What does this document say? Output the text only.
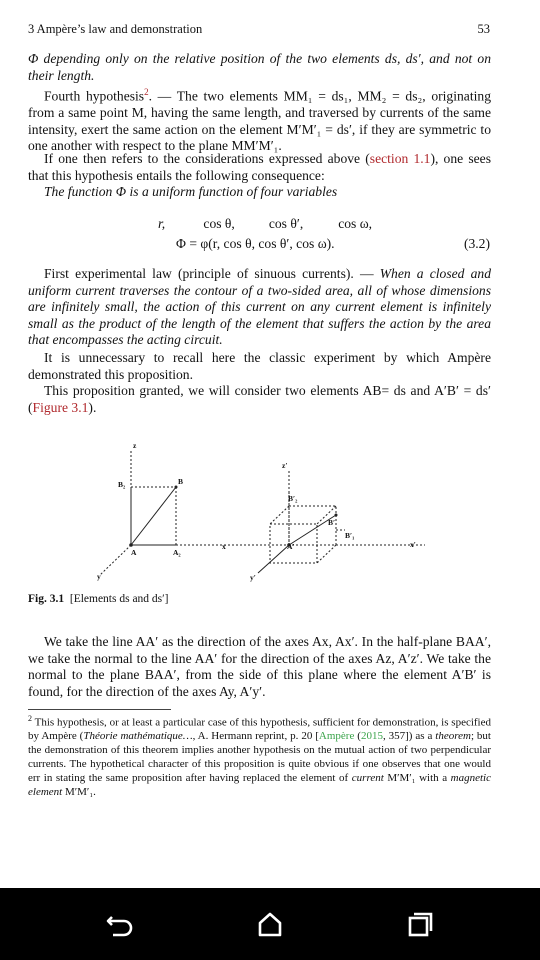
3 Ampère’s law and demonstration	53
Φ depending only on the relative position of the two elements ds, ds′, and not on their length.
Fourth hypothesis$^2$. — The two elements MM₁ = ds₁, MM₂ = ds₂, originating from a same point M, having the same length, and traversed by currents of the same intensity, exert the same action on the element M′M′₁ = ds′, if they are symmetric to one another with respect to the plane MM′M′₁.
If one then refers to the considerations expressed above (section 1.1), one sees that this hypothesis entails the following consequence:
The function Φ is a uniform function of four variables
r,	cos θ, cos θ′,	cos ω,
Φ = φ(r, cos θ, cos θ′, cos ω).	(3.2)
First experimental law (principle of sinuous currents). — When a closed and uniform current traverses the contour of a two-sided area, all of whose dimensions are infinitely small, the action of this current on any current element is infinitely small as the product of the length of the element that suffers the action by the area that encompasses the acting circuit.
It is unnecessary to recall here the classic experiment by which Ampère demonstrated this proposition.
This proposition granted, we will consider two elements AB= ds and A′B′ = ds′ (Figure 3.1).
z
B₂	B
A	A₂
x
y
z′
B′₂
B′
B′₁
A′	x′
y′
Fig. 3.1 [Elements ds and ds′]
We take the line AA′ as the direction of the axes Ax, Ax′. In the half-plane BAA′, we take the normal to the line AA′ for the direction of the axes Az, A′z′. We take the normal to the plane BAA′, from the side of this plane where the element A′B′ is found, for the direction of the axes Ay, A′y′.
$^2$ This hypothesis, or at least a particular case of this hypothesis, sufficient for demonstration, is specified by Ampère (Théorie mathématique…, A. Hermann reprint, p. 20 [Ampère (2015, 357]) as a theorem; but the demonstration of this theorem implies another hypothesis on the mutual action of two perpendicular currents. The hypothetical character of this proposition is quite obvious if one observes that one would err in stating the same proposition after having replaced the element of current M′M′₁ with a magnetic element M′M′₁.
